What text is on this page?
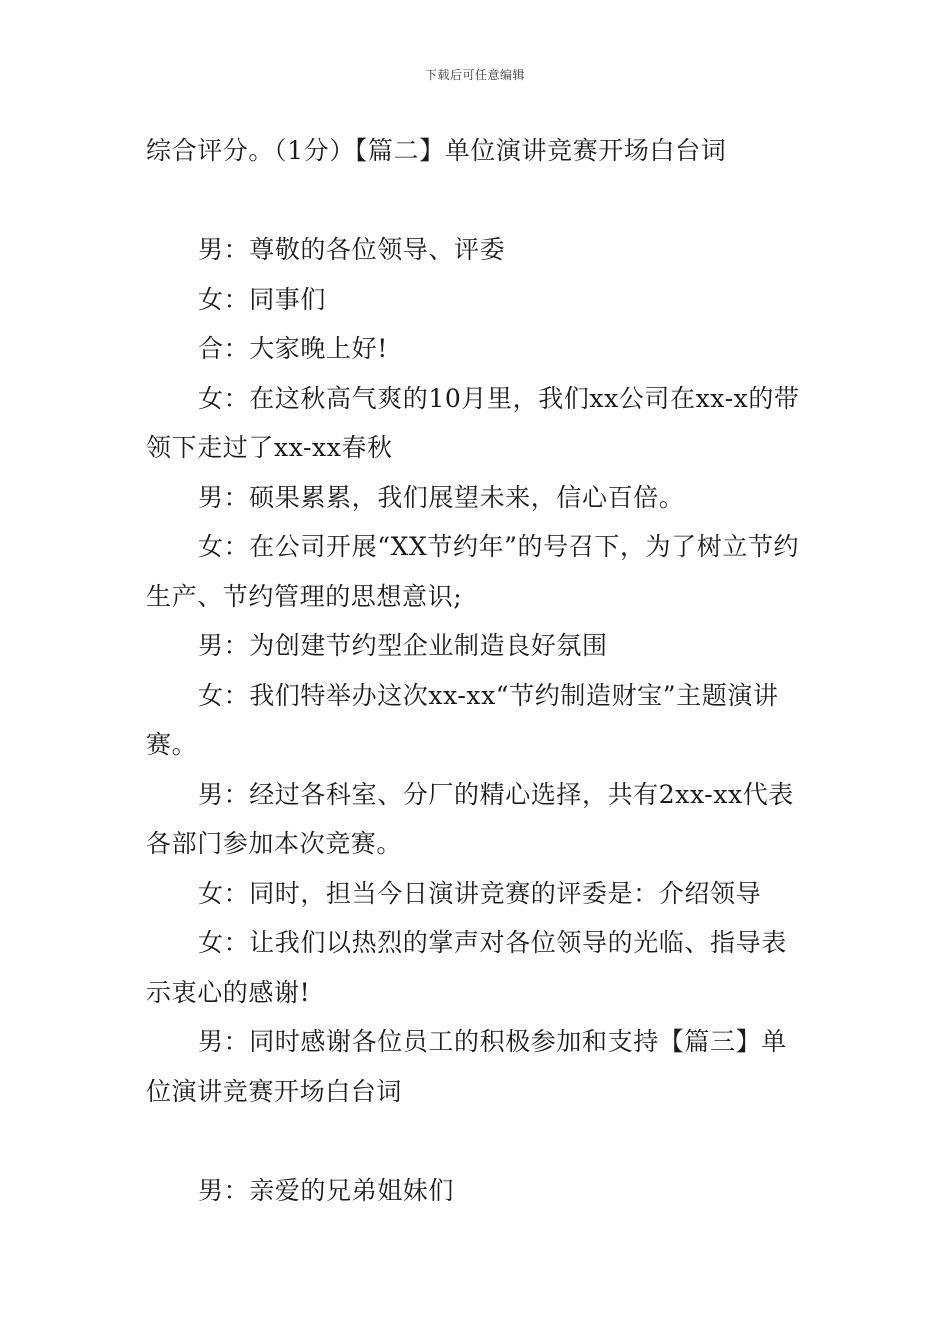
下载后可任意编辑

综合评分。（1分）【篇二】单位演讲竞赛开场白台词

男：尊敬的各位领导、评委

女：同事们

合：大家晚上好!

女：在这秋高气爽的10月里，我们xx公司在xx-x的带领下走过了xx-xx春秋

男：硕果累累，我们展望未来，信心百倍。

女：在公司开展“XX节约年”的号召下，为了树立节约生产、节约管理的思想意识;

男：为创建节约型企业制造良好氛围

女：我们特举办这次xx-xx“节约制造财宝”主题演讲赛。

男：经过各科室、分厂的精心选择，共有2xx-xx代表各部门参加本次竞赛。

女：同时，担当今日演讲竞赛的评委是：介绍领导

女：让我们以热烈的掌声对各位领导的光临、指导表示衷心的感谢!

男：同时感谢各位员工的积极参加和支持【篇三】单位演讲竞赛开场白台词

男：亲爱的兄弟姐妹们
